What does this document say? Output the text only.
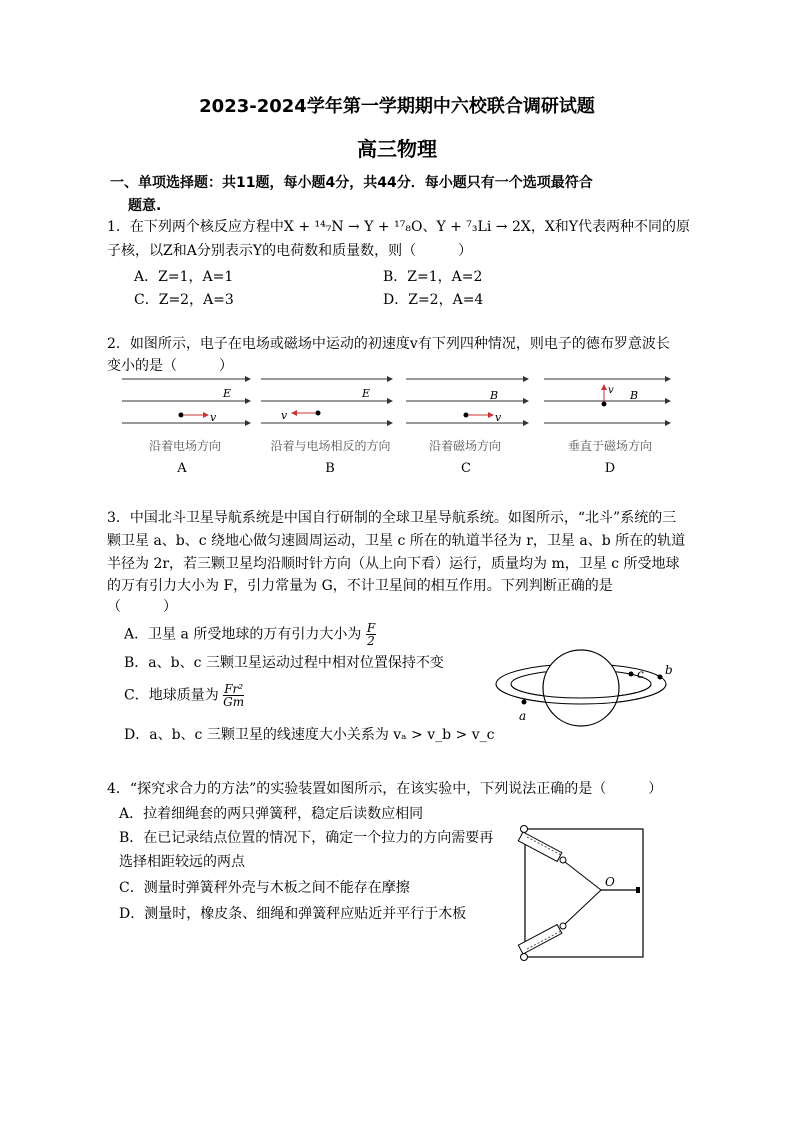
2023-2024学年第一学期期中六校联合调研试题
高三物理
一、单项选择题：共11题，每小题4分，共44分．每小题只有一个选项最符合
题意.
1．在下列两个核反应方程中X + ¹⁴₇N → Y + ¹⁷₈O、Y + ⁷₃Li → 2X，X和Y代表两种不同的原
子核，以Z和A分别表示Y的电荷数和质量数，则（　　　）
A．Z=1，A=1	B．Z=1，A=2
C．Z=2，A=3	D．Z=2，A=4
2．如图所示，电子在电场或磁场中运动的初速度v有下列四种情况，则电子的德布罗意波长
变小的是（　　　）
E
v
E
v
B
v
B
v
沿着电场方向	沿着与电场相反的方向	沿着磁场方向	垂直于磁场方向
A	B	C	D
3．中国北斗卫星导航系统是中国自行研制的全球卫星导航系统。如图所示，“北斗”系统的三
颗卫星 a、b、c 绕地心做匀速圆周运动，卫星 c 所在的轨道半径为 r，卫星 a、b 所在的轨道
半径为 2r，若三颗卫星均沿顺时针方向（从上向下看）运行，质量均为 m，卫星 c 所受地球
的万有引力大小为 F，引力常量为 G，不计卫星间的相互作用。下列判断正确的是
（　　　）
A．卫星 a 所受地球的万有引力大小为 $\frac{F}{2}$
B．a、b、c 三颗卫星运动过程中相对位置保持不变
C．地球质量为 $\frac{\text{Fr²}}{Gm}$
D．a、b、c 三颗卫星的线速度大小关系为 vₐ > v_b > v_c
a
b
c
4．“探究求合力的方法”的实验装置如图所示，在该实验中，下列说法正确的是（　　　）
A．拉着细绳套的两只弹簧秤，稳定后读数应相同
B．在已记录结点位置的情况下，确定一个拉力的方向需要再
选择相距较远的两点
C．测量时弹簧秤外壳与木板之间不能存在摩擦
D．测量时，橡皮条、细绳和弹簧秤应贴近并平行于木板
O
